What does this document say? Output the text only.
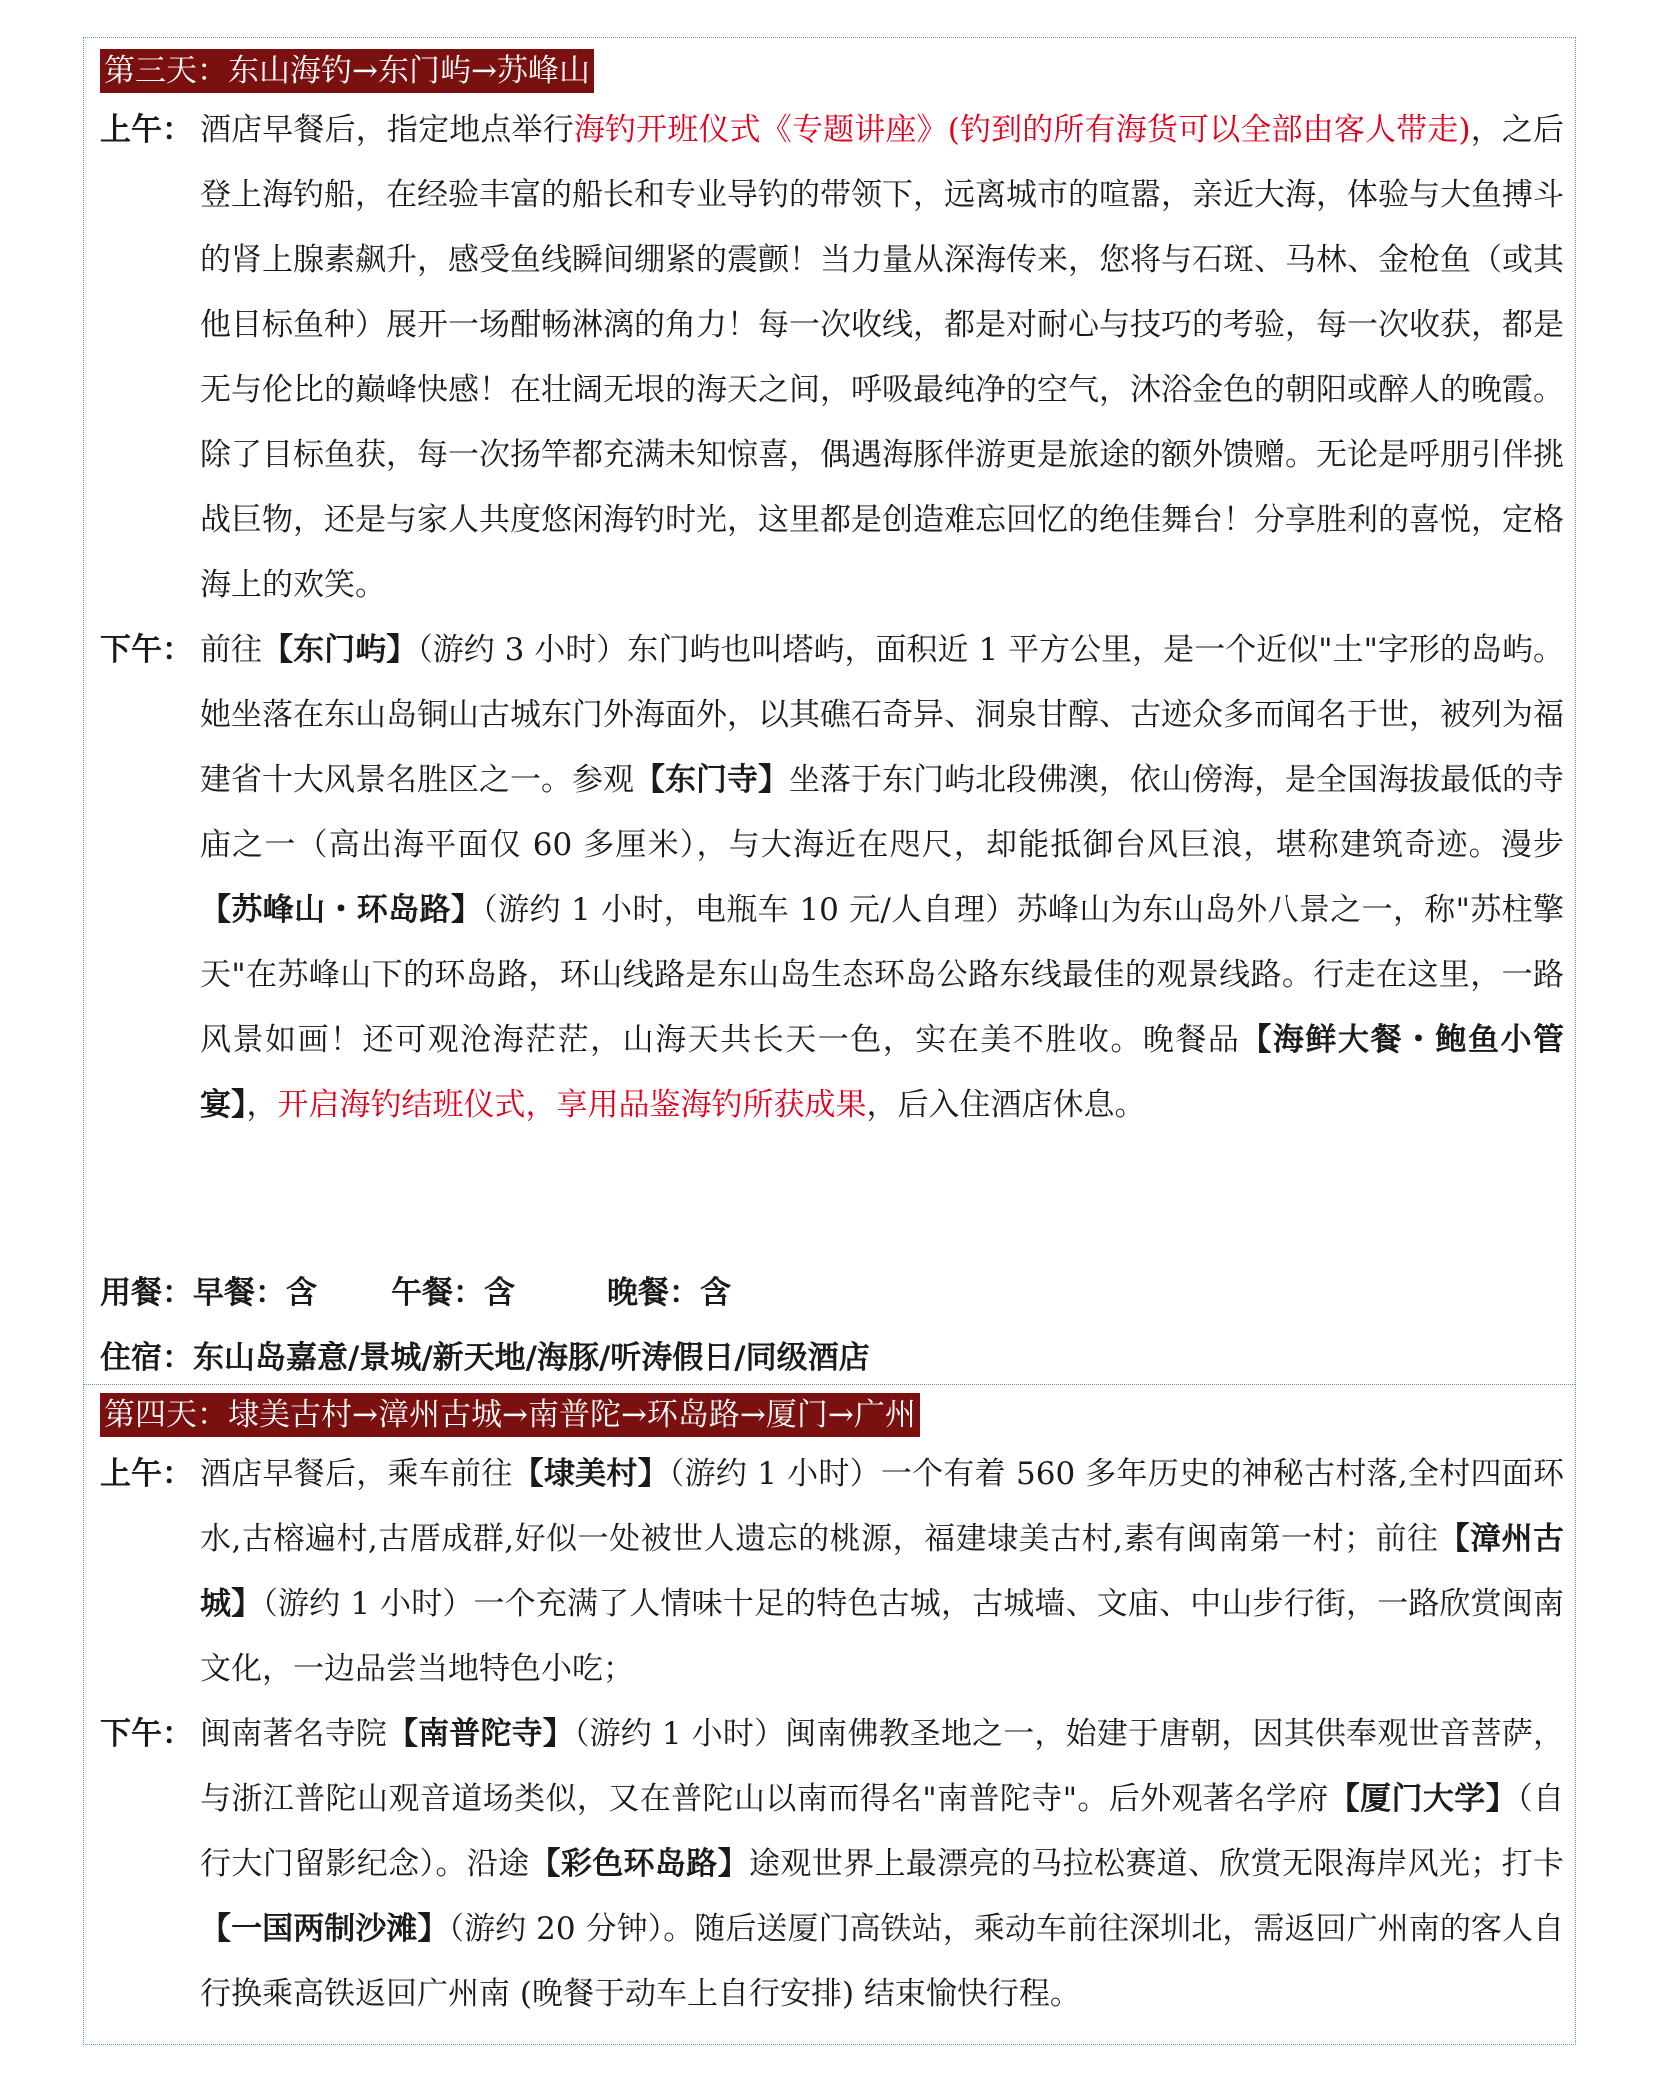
第三天：东山海钓→东门屿→苏峰山
上午： 酒店早餐后，指定地点举行海钓开班仪式《专题讲座》(钓到的所有海货可以全部由客人带走)，之后登上海钓船，在经验丰富的船长和专业导钓的带领下，远离城市的喧嚣，亲近大海，体验与大鱼搏斗的肾上腺素飙升，感受鱼线瞬间绷紧的震颤！当力量从深海传来，您将与石斑、马林、金枪鱼（或其他目标鱼种）展开一场酣畅淋漓的角力！每一次收线，都是对耐心与技巧的考验，每一次收获，都是无与伦比的巅峰快感！在壮阔无垠的海天之间，呼吸最纯净的空气，沐浴金色的朝阳或醉人的晚霞。除了目标鱼获，每一次扬竿都充满未知惊喜，偶遇海豚伴游更是旅途的额外馈赠。无论是呼朋引伴挑战巨物，还是与家人共度悠闲海钓时光，这里都是创造难忘回忆的绝佳舞台！分享胜利的喜悦，定格海上的欢笑。
下午： 前往【东门屿】（游约 3 小时）东门屿也叫塔屿，面积近 1 平方公里，是一个近似"土"字形的岛屿。她坐落在东山岛铜山古城东门外海面外，以其礁石奇异、洞泉甘醇、古迹众多而闻名于世，被列为福建省十大风景名胜区之一。参观【东门寺】坐落于东门屿北段佛澳，依山傍海，是全国海拔最低的寺庙之一（高出海平面仅 60 多厘米），与大海近在咫尺，却能抵御台风巨浪，堪称建筑奇迹。漫步【苏峰山・环岛路】（游约 1 小时，电瓶车 10 元/人自理）苏峰山为东山岛外八景之一，称"苏柱擎天"在苏峰山下的环岛路，环山线路是东山岛生态环岛公路东线最佳的观景线路。行走在这里，一路风景如画！还可观沧海茫茫，山海天共长天一色，实在美不胜收。晚餐品【海鲜大餐・鲍鱼小管宴】，开启海钓结班仪式，享用品鉴海钓所获成果，后入住酒店休息。
用餐：早餐：含 午餐：含	晚餐：含
住宿：东山岛嘉意/景城/新天地/海豚/听涛假日/同级酒店
第四天：埭美古村→漳州古城→南普陀→环岛路→厦门→广州
上午： 酒店早餐后，乘车前往【埭美村】（游约 1 小时）一个有着 560 多年历史的神秘古村落,全村四面环水,古榕遍村,古厝成群,好似一处被世人遗忘的桃源，福建埭美古村,素有闽南第一村；前往【漳州古城】（游约 1 小时）一个充满了人情味十足的特色古城，古城墙、文庙、中山步行街，一路欣赏闽南文化，一边品尝当地特色小吃；
下午： 闽南著名寺院【南普陀寺】（游约 1 小时）闽南佛教圣地之一，始建于唐朝，因其供奉观世音菩萨，与浙江普陀山观音道场类似，又在普陀山以南而得名"南普陀寺"。后外观著名学府【厦门大学】（自行大门留影纪念）。沿途【彩色环岛路】途观世界上最漂亮的马拉松赛道、欣赏无限海岸风光；打卡【一国两制沙滩】（游约 20 分钟）。随后送厦门高铁站，乘动车前往深圳北，需返回广州南的客人自行换乘高铁返回广州南 (晚餐于动车上自行安排) 结束愉快行程。
